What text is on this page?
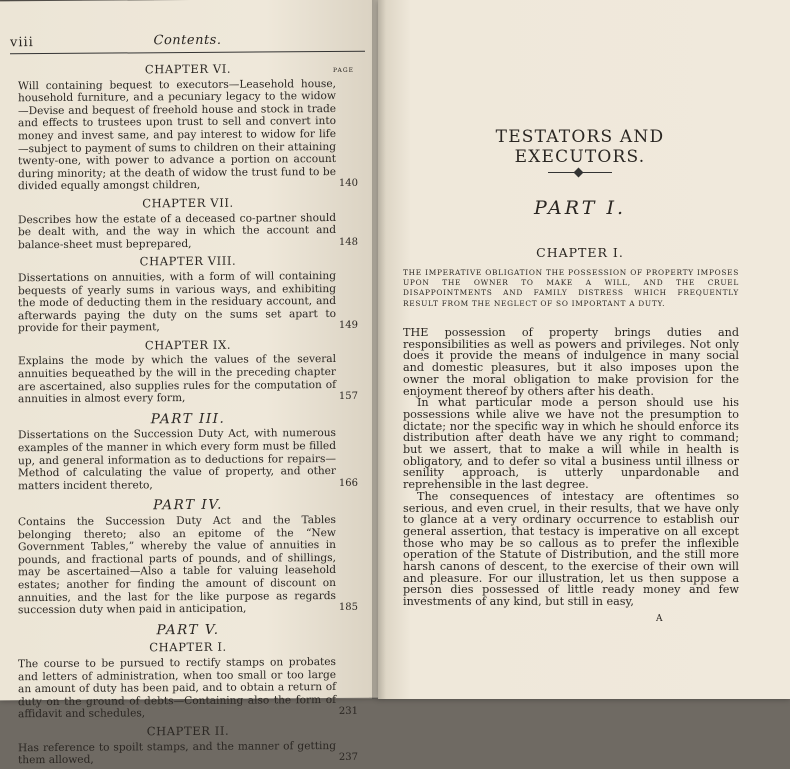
viii	Contents.
PAGE
CHAPTER VI.
Will containing bequest to executors—Leasehold house, household furniture, and a pecuniary legacy to the widow—Devise and bequest of freehold house and stock in trade and effects to trustees upon trust to sell and convert into money and invest same, and pay interest to widow for life—subject to payment of sums to children on their attaining twenty-one, with power to advance a portion on account during minority; at the death of widow the trust fund to be divided equally amongst children,	140
CHAPTER VII.
Describes how the estate of a deceased co-partner should be dealt with, and the way in which the account and balance-sheet must beprepared,	148
CHAPTER VIII.
Dissertations on annuities, with a form of will containing bequests of yearly sums in various ways, and exhibiting the mode of deducting them in the residuary account, and afterwards paying the duty on the sums set apart to provide for their payment,	149
CHAPTER IX.
Explains the mode by which the values of the several annuities bequeathed by the will in the preceding chapter are ascertained, also supplies rules for the computation of annuities in almost every form,	157
PART III.
Dissertations on the Succession Duty Act, with numerous examples of the manner in which every form must be filled up, and general information as to deductions for repairs—Method of calculating the value of property, and other matters incident thereto,	166
PART IV.
Contains the Succession Duty Act and the Tables belonging thereto; also an epitome of the “New Government Tables,” whereby the value of annuities in pounds, and fractional parts of pounds, and of shillings, may be ascertained—Also a table for valuing leasehold estates; another for finding the amount of discount on annuities, and the last for the like purpose as regards succession duty when paid in anticipation,	185
PART V.
CHAPTER I.
The course to be pursued to rectify stamps on probates and letters of administration, when too small or too large an amount of duty has been paid, and to obtain a return of duty on the ground of debts—Containing also the form of affidavit and schedules,	231
CHAPTER II.
Has reference to spoilt stamps, and the manner of getting them allowed,	237
TESTATORS AND EXECUTORS.
PART I.
CHAPTER I.
THE IMPERATIVE OBLIGATION THE POSSESSION OF PROPERTY IMPOSES UPON THE OWNER TO MAKE A WILL, AND THE CRUEL DISAPPOINTMENTS AND FAMILY DISTRESS WHICH FREQUENTLY RESULT FROM THE NEGLECT OF SO IMPORTANT A DUTY.

THE possession of property brings duties and responsibilities as well as powers and privileges. Not only does it provide the means of indulgence in many social and domestic pleasures, but it also imposes upon the owner the moral obligation to make provision for the enjoyment thereof by others after his death.

In what particular mode a person should use his possessions while alive we have not the presumption to dictate; nor the specific way in which he should enforce its distribution after death have we any right to command; but we assert, that to make a will while in health is obligatory, and to defer so vital a business until illness or senility approach, is utterly unpardonable and reprehensible in the last degree.

The consequences of intestacy are oftentimes so serious, and even cruel, in their results, that we have only to glance at a very ordinary occurrence to establish our general assertion, that testacy is imperative on all except those who may be so callous as to prefer the inflexible operation of the Statute of Distribution, and the still more harsh canons of descent, to the exercise of their own will and pleasure. For our illustration, let us then suppose a person dies possessed of little ready money and few investments of any kind, but still in easy,

A
